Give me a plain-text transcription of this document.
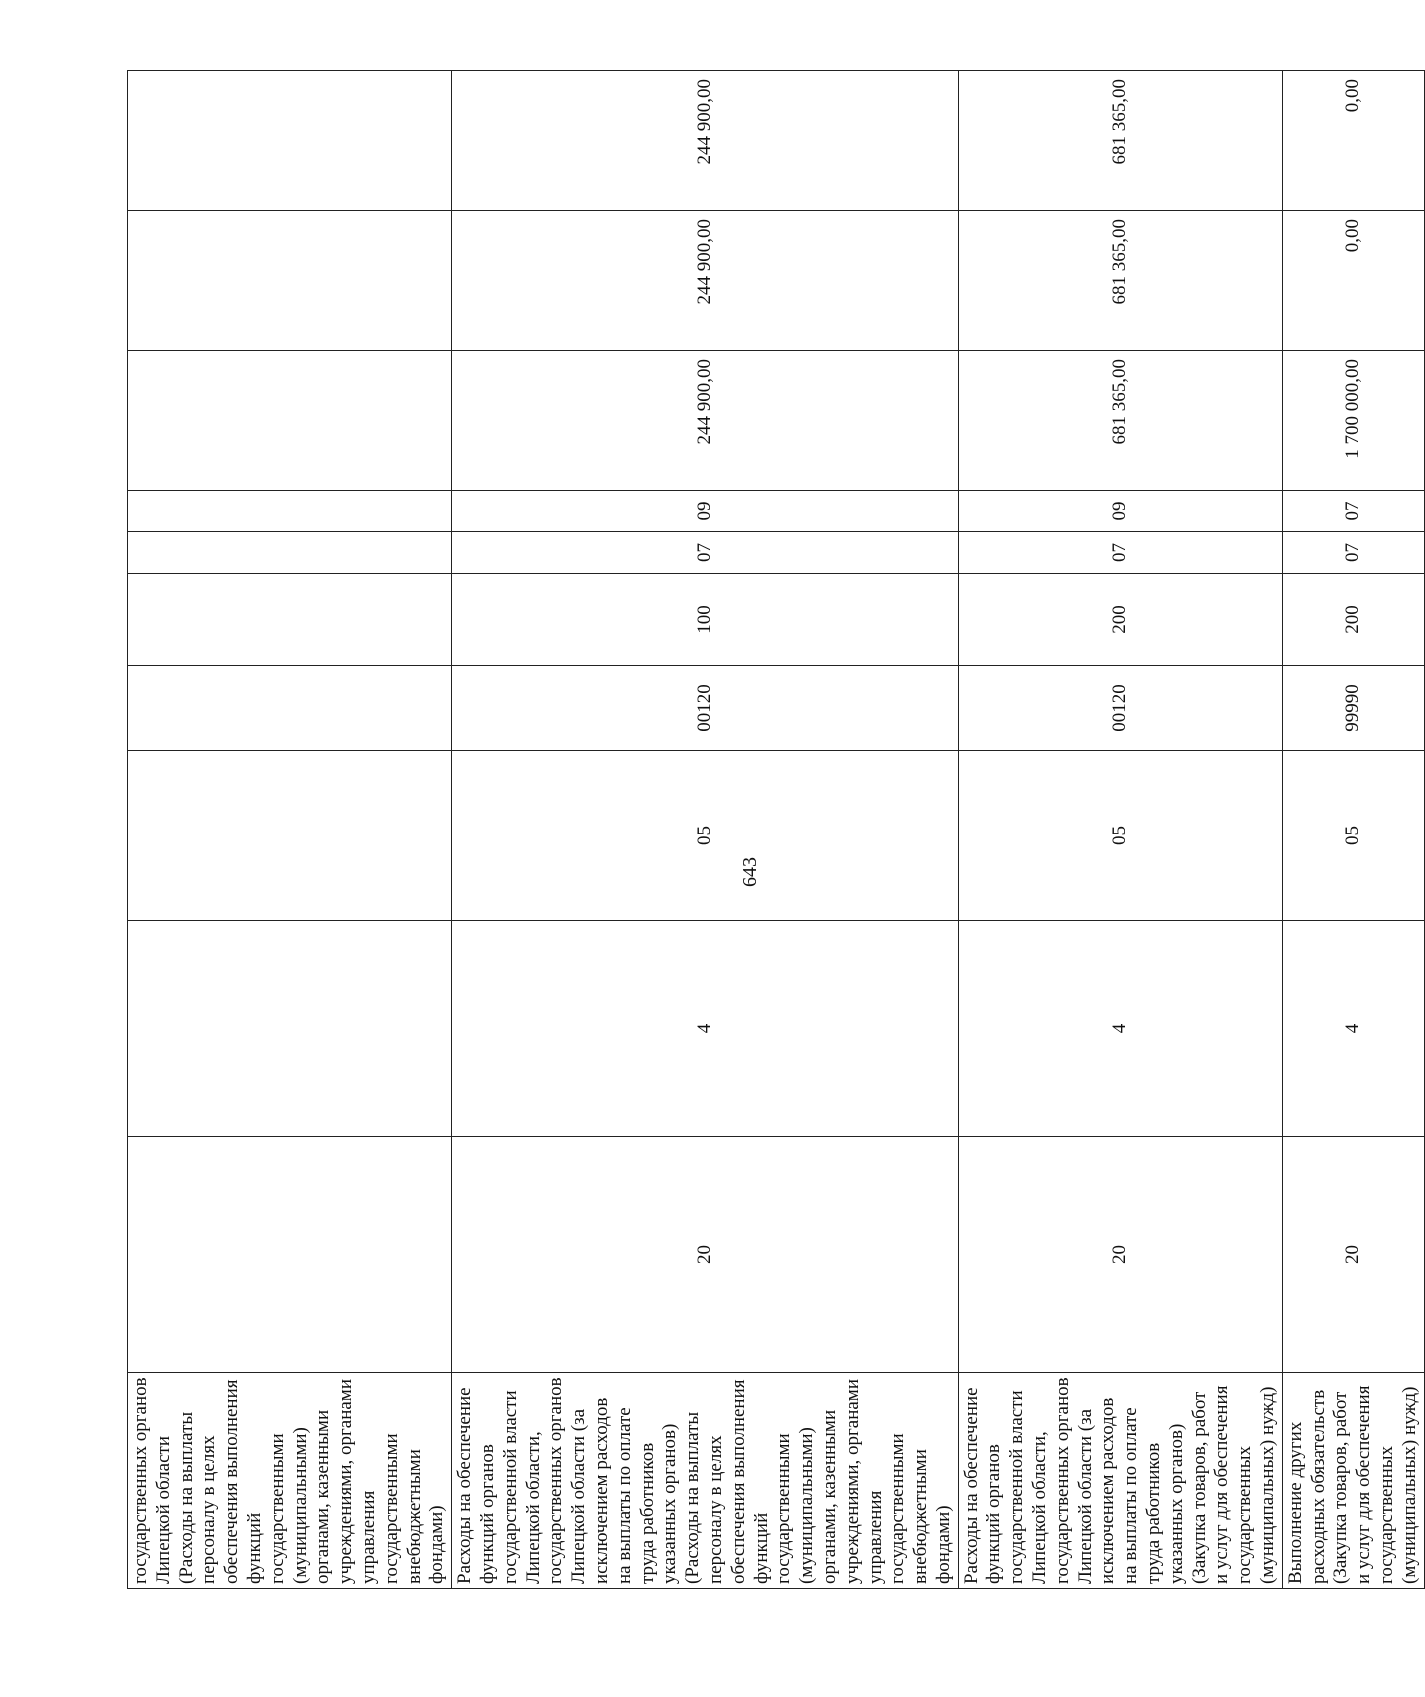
643
государственных органов Липецкой области (Расходы на выплаты персоналу в целях обеспечения выполнения функций государственными (муниципальными) органами, казенными учреждениями, органами управления государственными внебюджетными фондами)										
Расходы на обеспечение функций органов государственной власти Липецкой области, государственных органов Липецкой области (за исключением расходов на выплаты по оплате труда работников указанных органов) (Расходы на выплаты персоналу в целях обеспечения выполнения функций государственными (муниципальными) органами, казенными учреждениями, органами управления государственными внебюджетными фондами)	20	4	05	00120	100	07	09	244 900,00	244 900,00	244 900,00
Расходы на обеспечение функций органов государственной власти Липецкой области, государственных органов Липецкой области (за исключением расходов на выплаты по оплате труда работников указанных органов) (Закупка товаров, работ и услуг для обеспечения государственных (муниципальных) нужд)	20	4	05	00120	200	07	09	681 365,00	681 365,00	681 365,00
Выполнение других расходных обязательств (Закупка товаров, работ и услуг для обеспечения государственных (муниципальных) нужд)	20	4	05	99990	200	07	07	1 700 000,00	0,00	0,00
